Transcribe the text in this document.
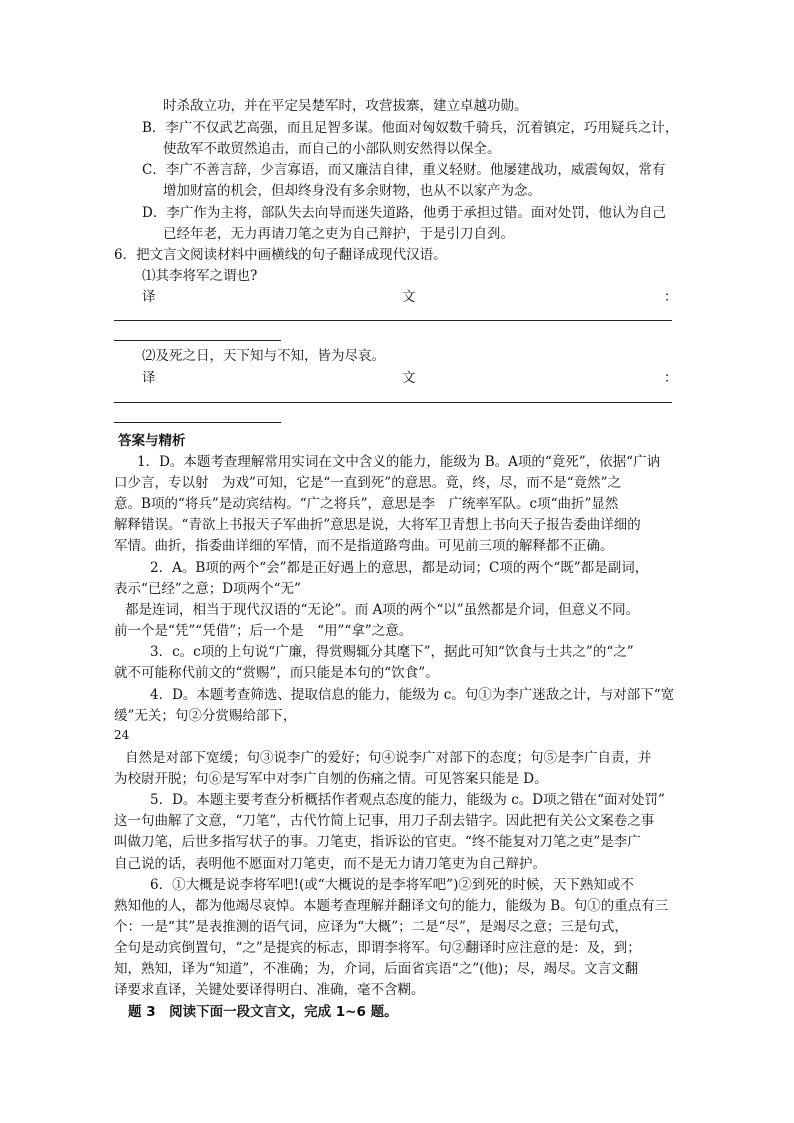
时杀敌立功，并在平定吴楚军时，攻营拔寨，建立卓越功勋。
B．李广不仅武艺高强，而且足智多谋。他面对匈奴数千骑兵，沉着镇定，巧用疑兵之计，
使敌军不敢贸然追击，而自己的小部队则安然得以保全。
C．李广不善言辞，少言寡语，而又廉洁自律，重义轻财。他屡建战功，威震匈奴，常有
增加财富的机会，但却终身没有多余财物，也从不以家产为念。
D．李广作为主将，部队失去向导而迷失道路，他勇于承担过错。面对处罚，他认为自己
已经年老，无力再请刀笔之吏为自己辩护，于是引刀自刭。
6．把文言文阅读材料中画横线的句子翻译成现代汉语。
⑴其李将军之谓也?
译	文	：
⑵及死之日，天下知与不知，皆为尽哀。
译	文	：
答案与精析
1．D。本题考查理解常用实词在文中含义的能力，能级为 B。A项的“竟死”，依据“广讷
口少言，专以射　为戏”可知，它是“一直到死”的意思。竟，终，尽，而不是“竟然”之
意。B项的“将兵”是动宾结构。“广之将兵”，意思是李　广统率军队。c项“曲折”显然
解释错误。“青欲上书报天子军曲折”意思是说，大将军卫青想上书向天子报告委曲详细的
军情。曲折，指委曲详细的军情，而不是指道路弯曲。可见前三项的解释都不正确。
2．A。B项的两个“会”都是正好遇上的意思，都是动词；C项的两个“既”都是副词，
表示“已经”之意；D项两个“无”
都是连词，相当于现代汉语的“无论”。而 A项的两个“以”虽然都是介词，但意义不同。
前一个是“凭”“凭借”；后一个是　“用”“拿”之意。
3．c。c项的上句说“广廉，得赏赐辄分其麾下”，据此可知“饮食与士共之”的“之”
就不可能称代前文的“赏赐”，而只能是本句的“饮食”。
4．D。本题考查筛选、提取信息的能力，能级为 c。句①为李广迷敌之计，与对部下“宽
缓”无关；句②分赏赐给部下，
24
自然是对部下宽缓；句③说李广的爱好；句④说李广对部下的态度；句⑤是李广自责，并
为校尉开脱；句⑥是写军中对李广自刎的伤痛之情。可见答案只能是 D。
5．D。本题主要考查分析概括作者观点态度的能力，能级为 c。D项之错在“面对处罚”
这一句曲解了文意，“刀笔”，古代竹简上记事，用刀子刮去错字。因此把有关公文案卷之事
叫做刀笔，后世多指写状子的事。刀笔吏，指诉讼的官吏。“终不能复对刀笔之吏”是李广
自己说的话，表明他不愿面对刀笔吏，而不是无力请刀笔吏为自己辩护。
6．①大概是说李将军吧!(或“大概说的是李将军吧”)②到死的时候，天下熟知或不
熟知他的人，都为他竭尽哀悼。本题考查理解并翻译文句的能力，能级为 B。句①的重点有三
个：一是“其”是表推测的语气词，应译为“大概”；二是“尽”，是竭尽之意；三是句式，
全句是动宾倒置句，“之”是提宾的标志，即谓李将军。句②翻译时应注意的是：及，到；
知，熟知，译为“知道”，不准确；为，介词，后面省宾语“之”(他)；尽，竭尽。文言文翻
译要求直译，关键处要译得明白、准确，毫不含糊。
题 3　阅读下面一段文言文，完成 1~6 题。
